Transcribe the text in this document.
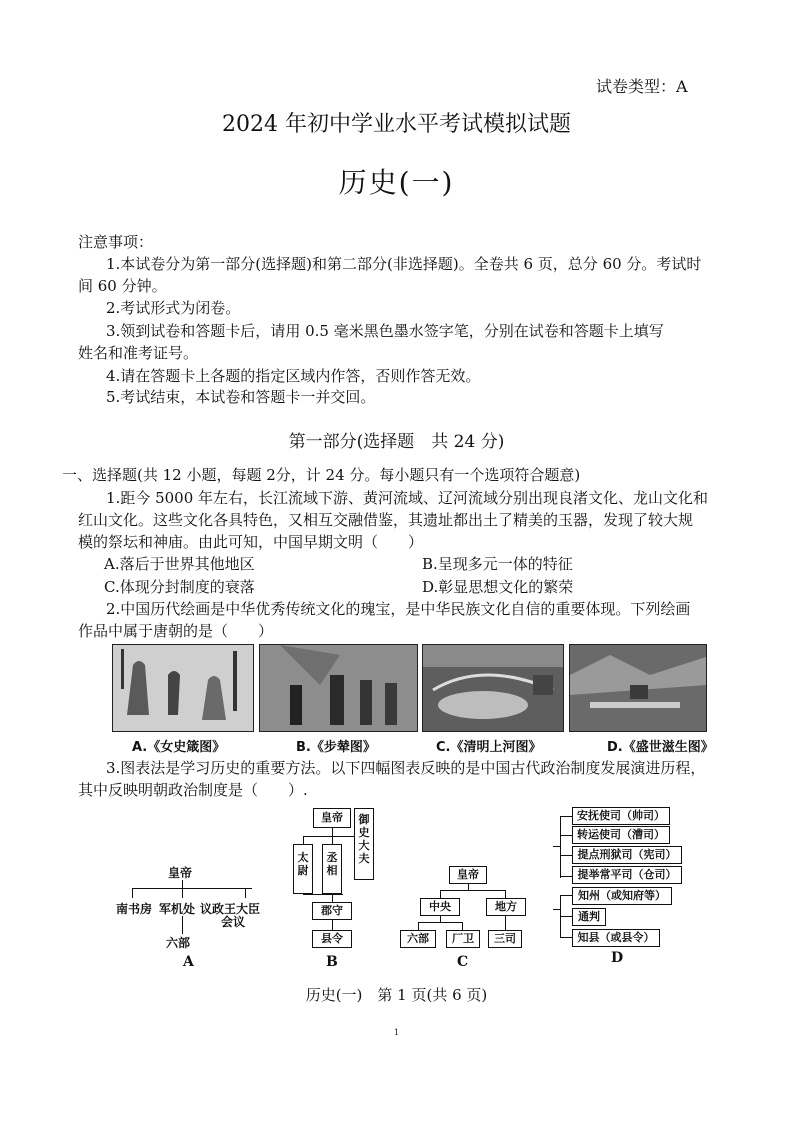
试卷类型：A
2024 年初中学业水平考试模拟试题
历史(一)
注意事项：
1.本试卷分为第一部分(选择题)和第二部分(非选择题)。全卷共 6 页，总分 60 分。考试时
间 60 分钟。
2.考试形式为闭卷。
3.领到试卷和答题卡后，请用 0.5 毫米黑色墨水签字笔，分别在试卷和答题卡上填写
姓名和准考证号。
4.请在答题卡上各题的指定区域内作答，否则作答无效。
5.考试结束，本试卷和答题卡一并交回。
第一部分(选择题　共 24 分)
一、选择题(共 12 小题，每题 2分，计 24 分。每小题只有一个选项符合题意)
1.距今 5000 年左右，长江流域下游、黄河流域、辽河流域分别出现良渚文化、龙山文化和
红山文化。这些文化各具特色，又相互交融借鉴，其遗址都出土了精美的玉器，发现了较大规
模的祭坛和神庙。由此可知，中国早期文明（　　）
A.落后于世界其他地区	B.呈现多元一体的特征
C.体现分封制度的衰落	D.彰显思想文化的繁荣
2.中国历代绘画是中华优秀传统文化的瑰宝，是中华民族文化自信的重要体现。下列绘画
作品中属于唐朝的是（　　）
A.《女史箴图》	B.《步辇图》	C.《清明上河图》	D.《盛世滋生图》
3.图表法是学习历史的重要方法。以下四幅图表反映的是中国古代政治制度发展演进历程，
其中反映明朝政治制度是（　　）.
皇帝
南书房 军机处 议政王大臣
会议
六部
A
皇帝
太尉
丞相
御史大夫
郡守
县令
B
皇帝
中央	地方
六部	厂卫	三司
C
安抚使司（帅司）
转运使司（漕司）
提点刑狱司（宪司）
提举常平司（仓司）
知州（或知府等）
通判
知县（或县令）
D
历史(一)　第 1 页(共 6 页)
1
